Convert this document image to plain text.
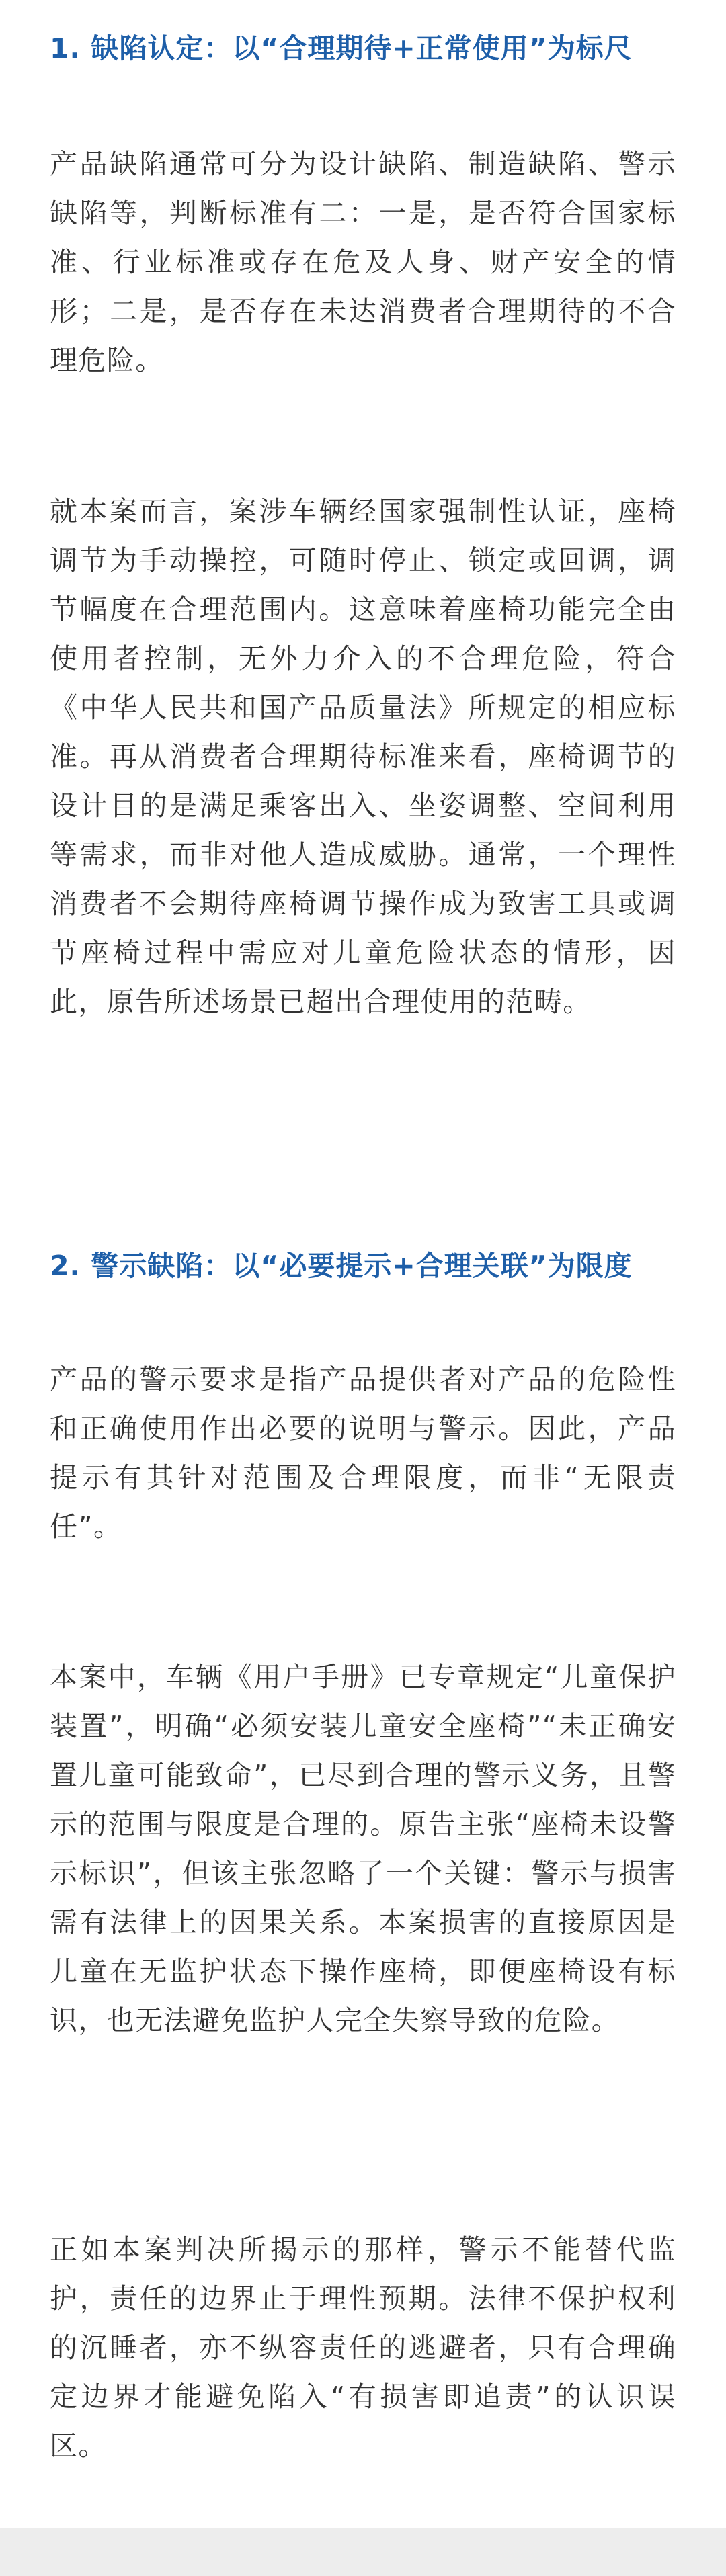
1. 缺陷认定：以“合理期待+正常使用”为标尺

产品缺陷通常可分为设计缺陷、制造缺陷、警示缺陷等，判断标准有二：一是，是否符合国家标准、行业标准或存在危及人身、财产安全的情形；二是，是否存在未达消费者合理期待的不合理危险。

就本案而言，案涉车辆经国家强制性认证，座椅调节为手动操控，可随时停止、锁定或回调，调节幅度在合理范围内。这意味着座椅功能完全由使用者控制，无外力介入的不合理危险，符合《中华人民共和国产品质量法》所规定的相应标准。再从消费者合理期待标准来看，座椅调节的设计目的是满足乘客出入、坐姿调整、空间利用等需求，而非对他人造成威胁。通常，一个理性消费者不会期待座椅调节操作成为致害工具或调节座椅过程中需应对儿童危险状态的情形，因此，原告所述场景已超出合理使用的范畴。

2. 警示缺陷：以“必要提示+合理关联”为限度

产品的警示要求是指产品提供者对产品的危险性和正确使用作出必要的说明与警示。因此，产品提示有其针对范围及合理限度，而非“无限责任”。

本案中，车辆《用户手册》已专章规定“儿童保护装置”，明确“必须安装儿童安全座椅”“未正确安置儿童可能致命”，已尽到合理的警示义务，且警示的范围与限度是合理的。原告主张“座椅未设警示标识”，但该主张忽略了一个关键：警示与损害需有法律上的因果关系。本案损害的直接原因是儿童在无监护状态下操作座椅，即便座椅设有标识，也无法避免监护人完全失察导致的危险。

正如本案判决所揭示的那样，警示不能替代监护，责任的边界止于理性预期。法律不保护权利的沉睡者，亦不纵容责任的逃避者，只有合理确定边界才能避免陷入“有损害即追责”的认识误区。
